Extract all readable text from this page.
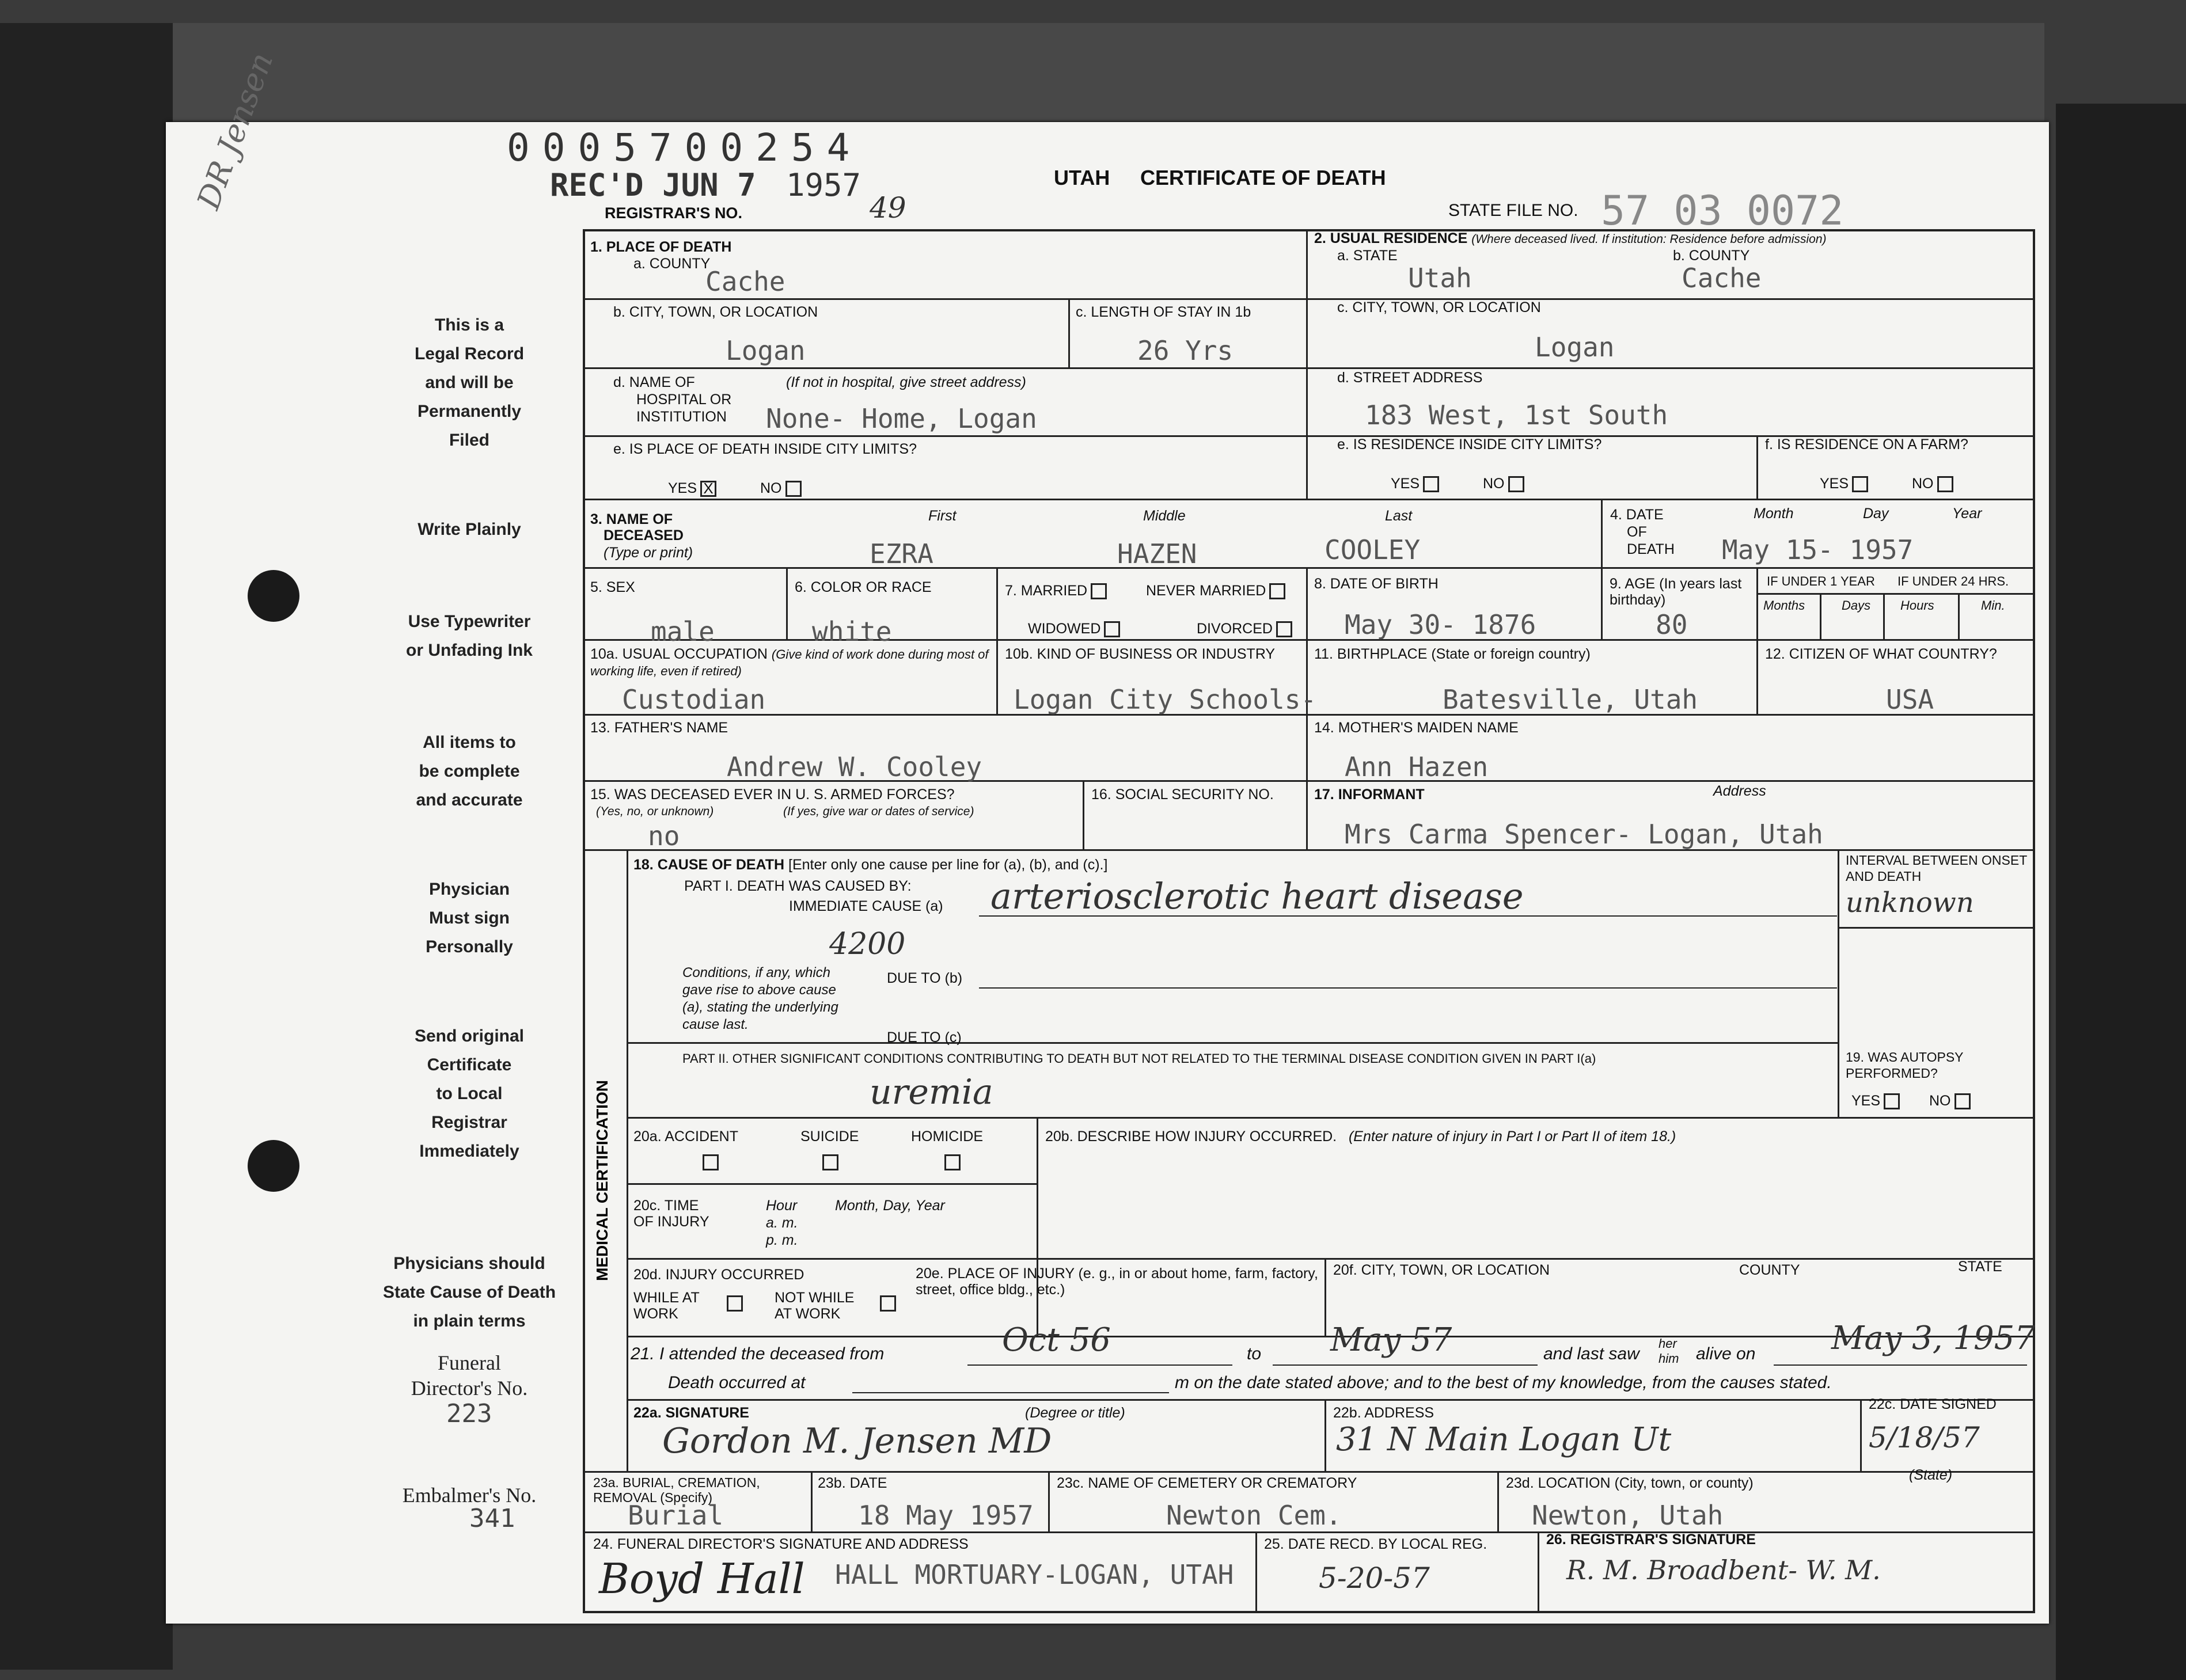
0005700254
REC'D JUN 7 1957
REGISTRAR'S NO.	49
UTAH CERTIFICATE OF DEATH
STATE FILE NO. 57 03 0072
DR Jensen
This is a
Legal Record
and will be
Permanently
Filed
Write Plainly
Use Typewriter
or Unfading Ink
All items to
be complete
and accurate
Physician
Must sign
Personally
Send original
Certificate
to Local
Registrar
Immediately
Physicians should
State Cause of Death
in plain terms
Funeral
Director's No.
223
Embalmer's No.
341
1. PLACE OF DEATH
a. COUNTY
Cache
b. CITY, TOWN, OR LOCATION
Logan
c. LENGTH OF STAY IN 1b
26 Yrs
d. NAME OF
HOSPITAL OR
INSTITUTION
(If not in hospital, give street address)
None- Home, Logan
e. IS PLACE OF DEATH INSIDE CITY LIMITS?
YES X	NO
2. USUAL RESIDENCE (Where deceased lived. If institution: Residence before admission)
a. STATE
Utah
b. COUNTY
Cache
c. CITY, TOWN, OR LOCATION
Logan
d. STREET ADDRESS
183 West, 1st South
e. IS RESIDENCE INSIDE CITY LIMITS?
YES	NO
f. IS RESIDENCE ON A FARM?
YES	NO
3. NAME OF
DECEASED
(Type or print)
First	Middle	Last
EZRA	HAZEN	COOLEY
4. DATE
OF
DEATH
Month	Day	Year
May 15- 1957
5. SEX
male
6. COLOR OR RACE
white
7. MARRIED	NEVER MARRIED
WIDOWED	DIVORCED
8. DATE OF BIRTH
May 30- 1876
9. AGE (In years last birthday)
80
IF UNDER 1 YEAR IF UNDER 24 HRS.
Months	Days Hours	Min.
10a. USUAL OCCUPATION (Give kind of work done during most of working life, even if retired)
Custodian
10b. KIND OF BUSINESS OR INDUSTRY
Logan City Schools-
11. BIRTHPLACE (State or foreign country)
Batesville, Utah
12. CITIZEN OF WHAT COUNTRY?
USA
13. FATHER'S NAME
Andrew W. Cooley
14. MOTHER'S MAIDEN NAME
Ann Hazen
15. WAS DECEASED EVER IN U. S. ARMED FORCES?
(Yes, no, or unknown)	(If yes, give war or dates of service)
no
16. SOCIAL SECURITY NO.	17. INFORMANT	Address
Mrs Carma Spencer- Logan, Utah
MEDICAL CERTIFICATION
18. CAUSE OF DEATH [Enter only one cause per line for (a), (b), and (c).]
PART I. DEATH WAS CAUSED BY:
IMMEDIATE CAUSE (a) arteriosclerotic heart disease
4200
INTERVAL BETWEEN ONSET AND DEATH
unknown
Conditions, if any, which gave rise to above cause (a), stating the underlying cause last.
DUE TO (b)
DUE TO (c)
PART II. OTHER SIGNIFICANT CONDITIONS CONTRIBUTING TO DEATH BUT NOT RELATED TO THE TERMINAL DISEASE CONDITION GIVEN IN PART I(a)
uremia
19. WAS AUTOPSY PERFORMED?
YES	NO
20a. ACCIDENT	SUICIDE	HOMICIDE	20b. DESCRIBE HOW INJURY OCCURRED. (Enter nature of injury in Part I or Part II of item 18.)
20c. TIME OF INJURY
Hour
a. m.
p. m.
Month, Day, Year
20d. INJURY OCCURRED
WHILE AT WORK
NOT WHILE AT WORK
20e. PLACE OF INJURY (e. g., in or about home, farm, factory, street, office bldg., etc.)
20f. CITY, TOWN, OR LOCATION	COUNTY	STATE
21. I attended the deceased from	Oct 56	to May 57	and last saw
her
him alive on May 3, 1957
Death occurred at	m on the date stated above; and to the best of my knowledge, from the causes stated.
22a. SIGNATURE	(Degree or title)
Gordon M. Jensen MD
22b. ADDRESS
31 N Main Logan Ut
22c. DATE SIGNED
5/18/57
23a. BURIAL, CREMATION, REMOVAL (Specify)
Burial
23b. DATE
18 May 1957
23c. NAME OF CEMETERY OR CREMATORY
Newton Cem.
23d. LOCATION (City, town, or county)	(State)
Newton, Utah
24. FUNERAL DIRECTOR'S SIGNATURE AND ADDRESS
HALL MORTUARY-LOGAN, UTAH
Boyd Hall
25. DATE RECD. BY LOCAL REG.
5-20-57
26. REGISTRAR'S SIGNATURE
R. M. Broadbent- W. M.
